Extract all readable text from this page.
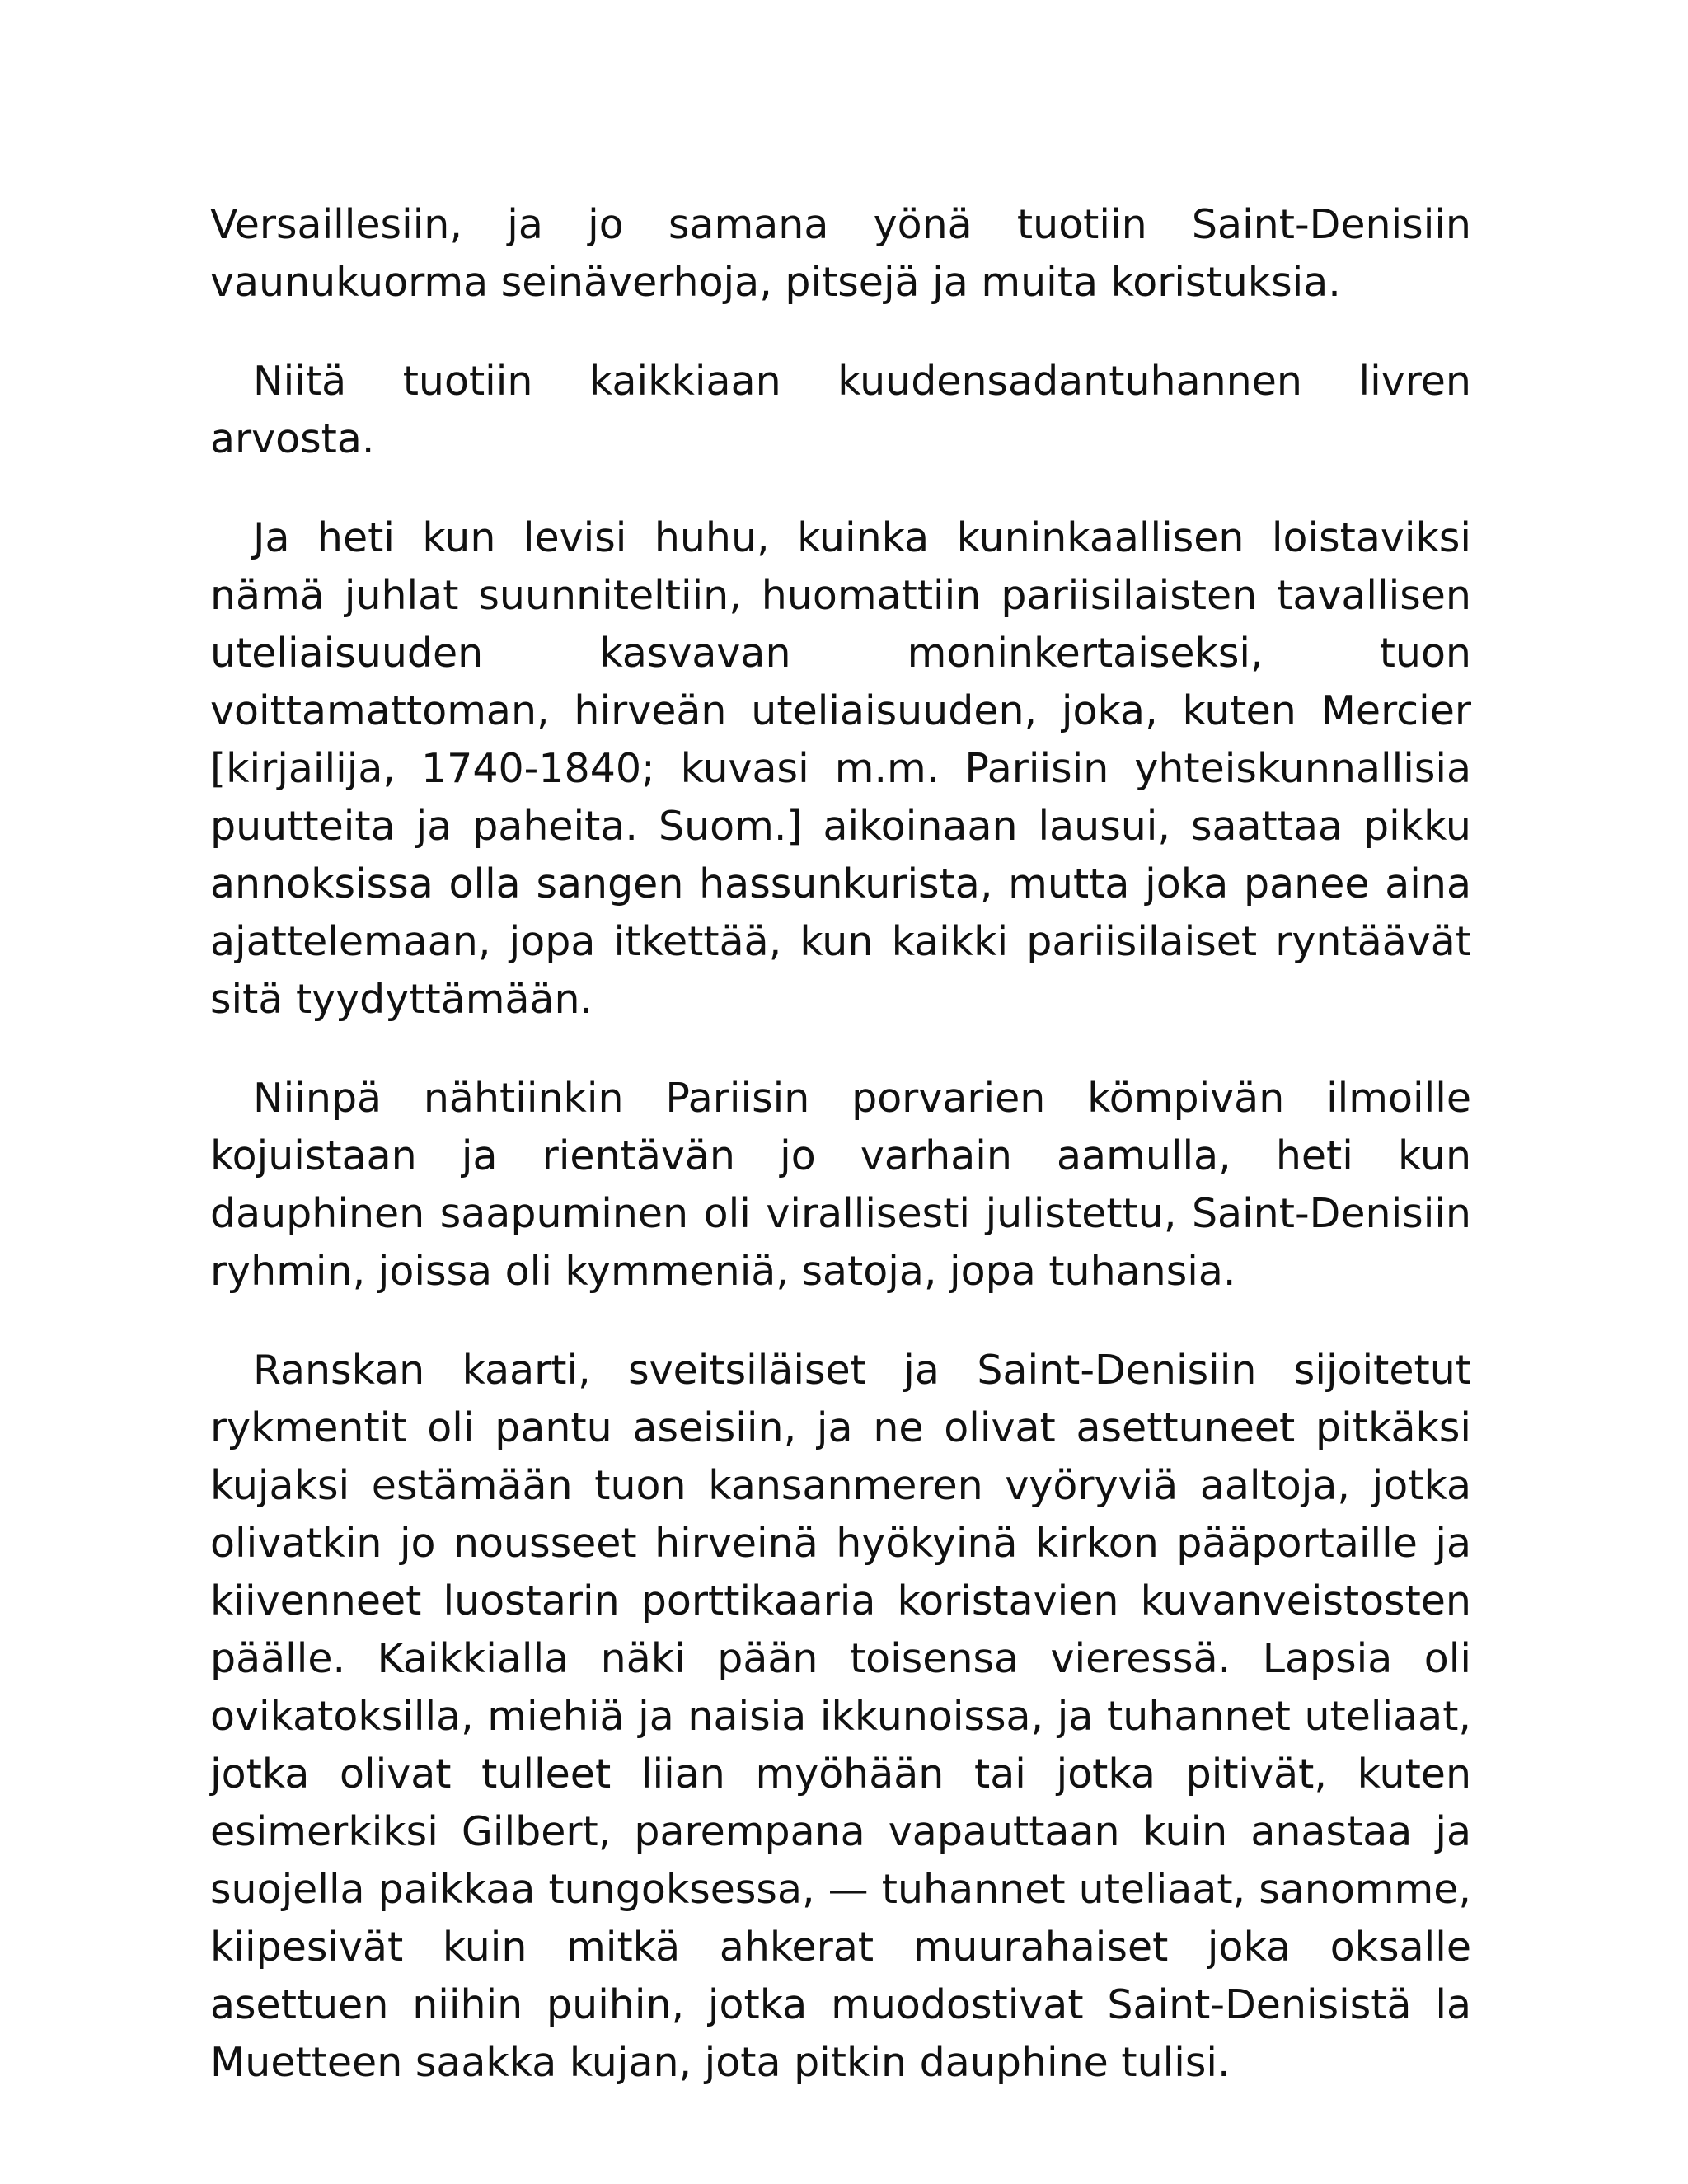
Versaillesiin, ja jo samana yönä tuotiin Saint-Denisiin vaunukuorma seinäverhoja, pitsejä ja muita koristuksia.

Niitä tuotiin kaikkiaan kuudensadantuhannen livren arvosta.

Ja heti kun levisi huhu, kuinka kuninkaallisen loistaviksi nämä juhlat suunniteltiin, huomattiin pariisilaisten tavallisen uteliaisuuden kasvavan moninkertaiseksi, tuon voittamattoman, hirveän uteliaisuuden, joka, kuten Mercier [kirjailija, 1740-1840; kuvasi m.m. Pariisin yhteiskunnallisia puutteita ja paheita. Suom.] aikoinaan lausui, saattaa pikku annoksissa olla sangen hassunkurista, mutta joka panee aina ajattelemaan, jopa itkettää, kun kaikki pariisilaiset ryntäävät sitä tyydyttämään.

Niinpä nähtiinkin Pariisin porvarien kömpivän ilmoille kojuistaan ja rientävän jo varhain aamulla, heti kun dauphinen saapuminen oli virallisesti julistettu, Saint-Denisiin ryhmin, joissa oli kymmeniä, satoja, jopa tuhansia.

Ranskan kaarti, sveitsiläiset ja Saint-Denisiin sijoitetut rykmentit oli pantu aseisiin, ja ne olivat asettuneet pitkäksi kujaksi estämään tuon kansanmeren vyöryviä aaltoja, jotka olivatkin jo nousseet hirveinä hyökyinä kirkon pääportaille ja kiivenneet luostarin porttikaaria koristavien kuvanveistosten päälle. Kaikkialla näki pään toisensa vieressä. Lapsia oli ovikatoksilla, miehiä ja naisia ikkunoissa, ja tuhannet uteliaat, jotka olivat tulleet liian myöhään tai jotka pitivät, kuten esimerkiksi Gilbert, parempana vapauttaan kuin anastaa ja suojella paikkaa tungoksessa, — tuhannet uteliaat, sanomme, kiipesivät kuin mitkä ahkerat muurahaiset joka oksalle asettuen niihin puihin, jotka muodostivat Saint-Denisistä la Muetteen saakka kujan, jota pitkin dauphine tulisi.
